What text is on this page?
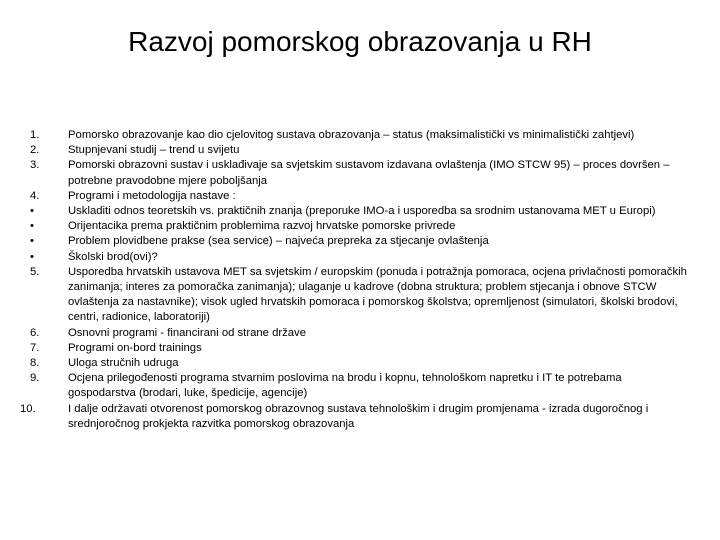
Razvoj pomorskog obrazovanja u RH
1.	Pomorsko obrazovanje kao dio cjelovitog sustava obrazovanja – status (maksimalistički vs minimalistički zahtjevi)
2.	Stupnjevani studij – trend u svijetu
3.	Pomorski obrazovni sustav i usklađivaje sa svjetskim sustavom izdavana ovlaštenja (IMO STCW 95) – proces dovršen – potrebne pravodobne mjere poboljšanja
4.	Programi i metodologija nastave :
•	Uskladiti odnos teoretskih vs. praktičnih znanja (preporuke IMO-a i usporedba sa srodnim ustanovama MET u Europi)
•	Orijentacika prema praktičnim problemima razvoj hrvatske pomorske privrede
•	Problem plovidbene prakse (sea service) – najveća prepreka za stjecanje ovlaštenja
•	Školski brod(ovi)?
5.	Usporedba hrvatskih ustavova MET sa svjetskim / europskim (ponuda i potražnja pomoraca, ocjena privlačnosti pomoračkih zanimanja; interes za pomoračka zanimanja); ulaganje u kadrove (dobna struktura; problem stjecanja i obnove STCW ovlaštenja za nastavnike); visok ugled hrvatskih pomoraca i pomorskog školstva; opremljenost (simulatori, školski brodovi, centri, radionice, laboratoriji)
6.	Osnovni programi - financirani od strane države
7.	Programi on-bord trainings
8.	Uloga stručnih udruga
9.	Ocjena prilegođenosti programa stvarnim poslovima na brodu i kopnu, tehnološkom napretku i IT te potrebama gospodarstva (brodari, luke, špedicije, agencije)
10.	I dalje održavati otvorenost pomorskog obrazovnog sustava tehnološkim i drugim promjenama - izrada dugoročnog i srednjoročnog prokjekta razvitka pomorskog obrazovanja
